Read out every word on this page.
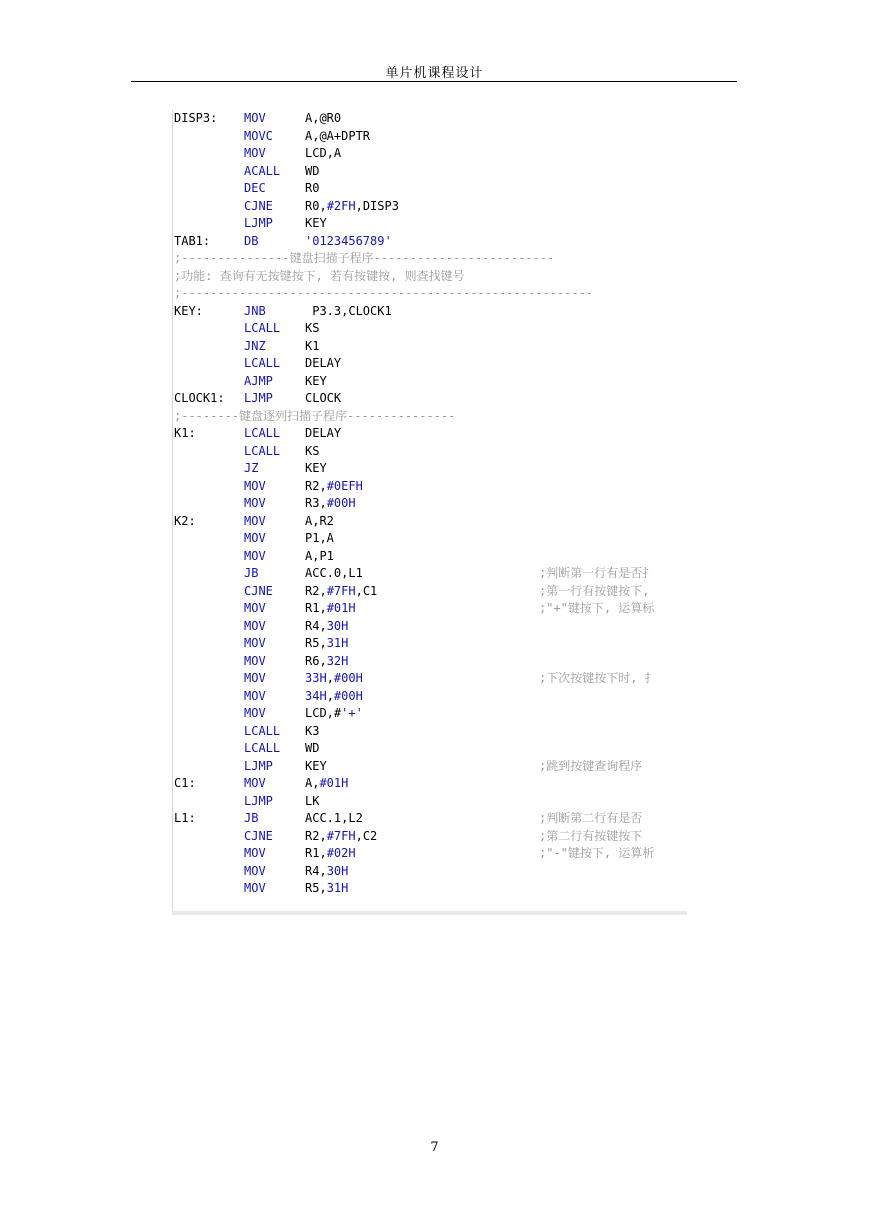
单片机课程设计
DISP3: MOV	A,@R0
MOVC	A,@A+DPTR
MOV	LCD,A
ACALL WD
DEC	R0
CJNE	R0,#2FH,DISP3
LJMP	KEY
TAB1:	DB	'0123456789'
;---------------键盘扫描子程序-------------------------
;功能: 查询有无按键按下, 若有按键按, 则查找键号
;---------------------------------------------------------
KEY:	JNB	P3.3,CLOCK1
LCALL KS
JNZ	K1
LCALL DELAY
AJMP	KEY
CLOCK1: LJMP	CLOCK
;--------键盘逐列扫描子程序---------------
K1:	LCALL DELAY
LCALL KS
JZ	KEY
MOV	R2,#0EFH
MOV	R3,#00H
K2:	MOV	A,R2
MOV	P1,A
MOV	A,P1
JB	ACC.0,L1	;判断第一行有是否扌
CJNE	R2,#7FH,C1	;第一行有按键按下,
MOV	R1,#01H	;"+"键按下, 运算标
MOV	R4,30H
MOV	R5,31H
MOV	R6,32H
MOV	33H,#00H	;下次按键按下时, 扌
MOV	34H,#00H
MOV	LCD,#'+'
LCALL K3
LCALL WD
LJMP	KEY	;跳到按键查询程序
C1:	MOV	A,#01H
LJMP	LK
L1:	JB	ACC.1,L2	;判断第二行有是否
CJNE	R2,#7FH,C2	;第二行有按键按下
MOV	R1,#02H	;"-"键按下, 运算析
MOV	R4,30H
MOV	R5,31H
7
